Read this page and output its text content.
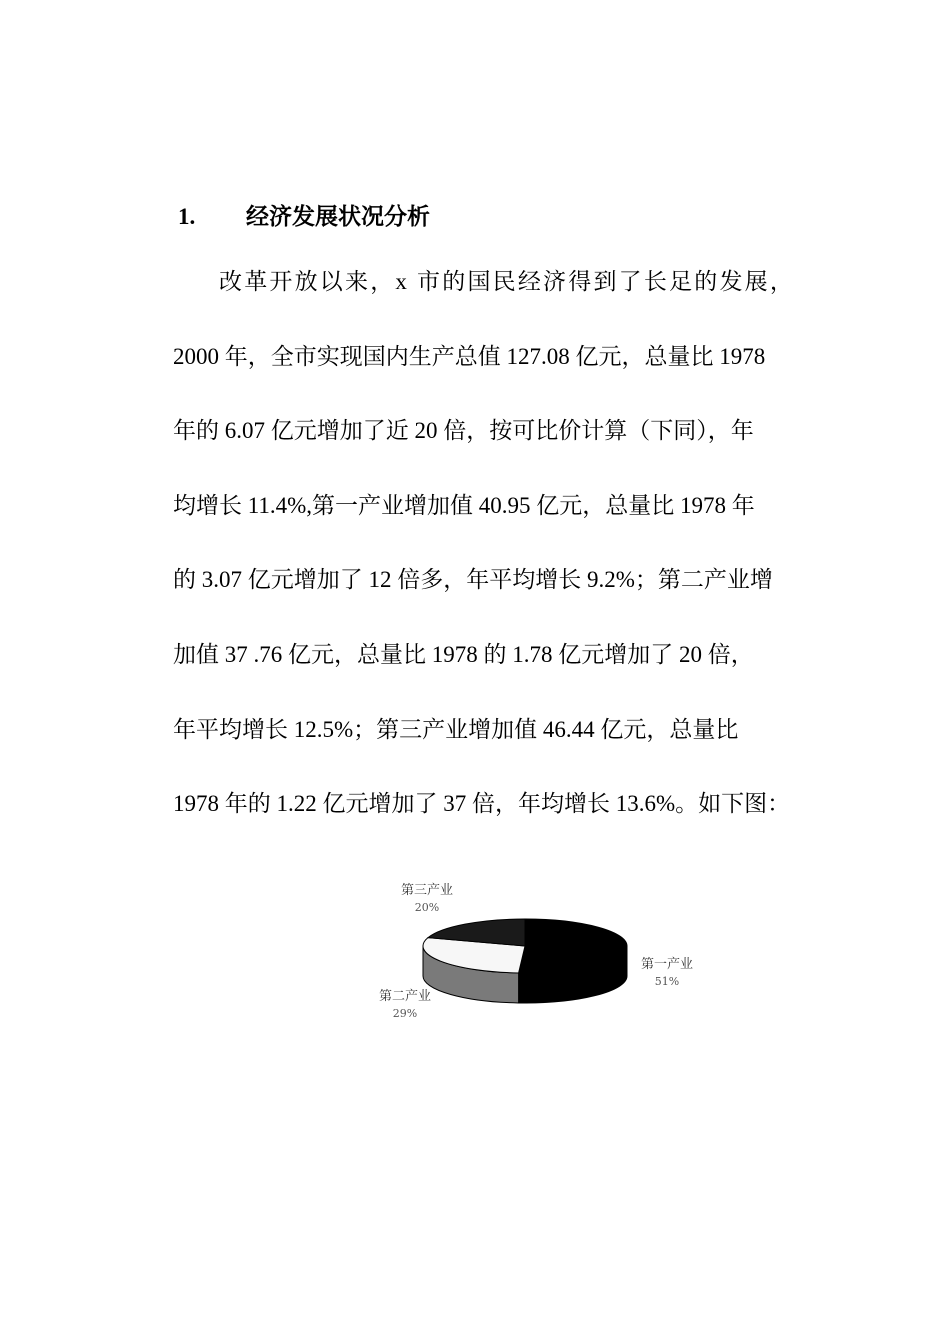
1. 经济发展状况分析
改革开放以来，x 市的国民经济得到了长足的发展，
2000 年，全市实现国内生产总值 127.08 亿元，总量比 1978
年的 6.07 亿元增加了近 20 倍，按可比价计算（下同），年
均增长 11.4%,第一产业增加值 40.95 亿元，总量比 1978 年
的 3.07 亿元增加了 12 倍多，年平均增长 9.2%；第二产业增
加值 37 .76 亿元，总量比 1978 的 1.78 亿元增加了 20 倍，
年平均增长 12.5%；第三产业增加值 46.44 亿元，总量比
1978 年的 1.22 亿元增加了 37 倍，年均增长 13.6%。如下图：
第三产业
20%
第一产业
51%
第二产业
29%
